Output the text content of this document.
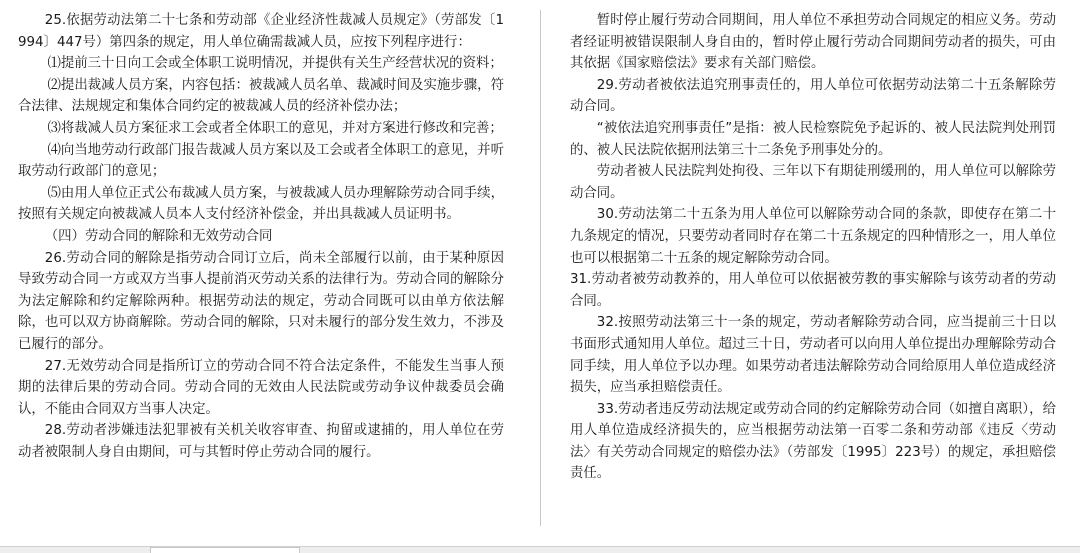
25.依据劳动法第二十七条和劳动部《企业经济性裁减人员规定》（劳部发〔1994〕447号）第四条的规定，用人单位确需裁减人员，应按下列程序进行：

⑴提前三十日向工会或全体职工说明情况，并提供有关生产经营状况的资料；

⑵提出裁减人员方案，内容包括：被裁减人员名单、裁减时间及实施步骤，符合法律、法规规定和集体合同约定的被裁减人员的经济补偿办法；

⑶将裁减人员方案征求工会或者全体职工的意见，并对方案进行修改和完善；

⑷向当地劳动行政部门报告裁减人员方案以及工会或者全体职工的意见，并听取劳动行政部门的意见；

⑸由用人单位正式公布裁减人员方案，与被裁减人员办理解除劳动合同手续，按照有关规定向被裁减人员本人支付经济补偿金，并出具裁减人员证明书。

（四）劳动合同的解除和无效劳动合同

26.劳动合同的解除是指劳动合同订立后，尚未全部履行以前，由于某种原因导致劳动合同一方或双方当事人提前消灭劳动关系的法律行为。劳动合同的解除分为法定解除和约定解除两种。根据劳动法的规定，劳动合同既可以由单方依法解除，也可以双方协商解除。劳动合同的解除，只对未履行的部分发生效力，不涉及已履行的部分。

27.无效劳动合同是指所订立的劳动合同不符合法定条件，不能发生当事人预期的法律后果的劳动合同。劳动合同的无效由人民法院或劳动争议仲裁委员会确认，不能由合同双方当事人决定。

28.劳动者涉嫌违法犯罪被有关机关收容审查、拘留或逮捕的，用人单位在劳动者被限制人身自由期间，可与其暂时停止劳动合同的履行。

暂时停止履行劳动合同期间，用人单位不承担劳动合同规定的相应义务。劳动者经证明被错误限制人身自由的，暂时停止履行劳动合同期间劳动者的损失，可由其依据《国家赔偿法》要求有关部门赔偿。

29.劳动者被依法追究刑事责任的，用人单位可依据劳动法第二十五条解除劳动合同。

“被依法追究刑事责任”是指：被人民检察院免予起诉的、被人民法院判处刑罚的、被人民法院依据刑法第三十二条免予刑事处分的。

劳动者被人民法院判处拘役、三年以下有期徒刑缓刑的，用人单位可以解除劳动合同。

30.劳动法第二十五条为用人单位可以解除劳动合同的条款，即使存在第二十九条规定的情况，只要劳动者同时存在第二十五条规定的四种情形之一，用人单位也可以根据第二十五条的规定解除劳动合同。

31.劳动者被劳动教养的，用人单位可以依据被劳教的事实解除与该劳动者的劳动合同。

32.按照劳动法第三十一条的规定，劳动者解除劳动合同，应当提前三十日以书面形式通知用人单位。超过三十日，劳动者可以向用人单位提出办理解除劳动合同手续，用人单位予以办理。如果劳动者违法解除劳动合同给原用人单位造成经济损失，应当承担赔偿责任。

33.劳动者违反劳动法规定或劳动合同的约定解除劳动合同（如擅自离职），给用人单位造成经济损失的，应当根据劳动法第一百零二条和劳动部《违反〈劳动法〉有关劳动合同规定的赔偿办法》（劳部发〔1995〕223号）的规定，承担赔偿责任。
